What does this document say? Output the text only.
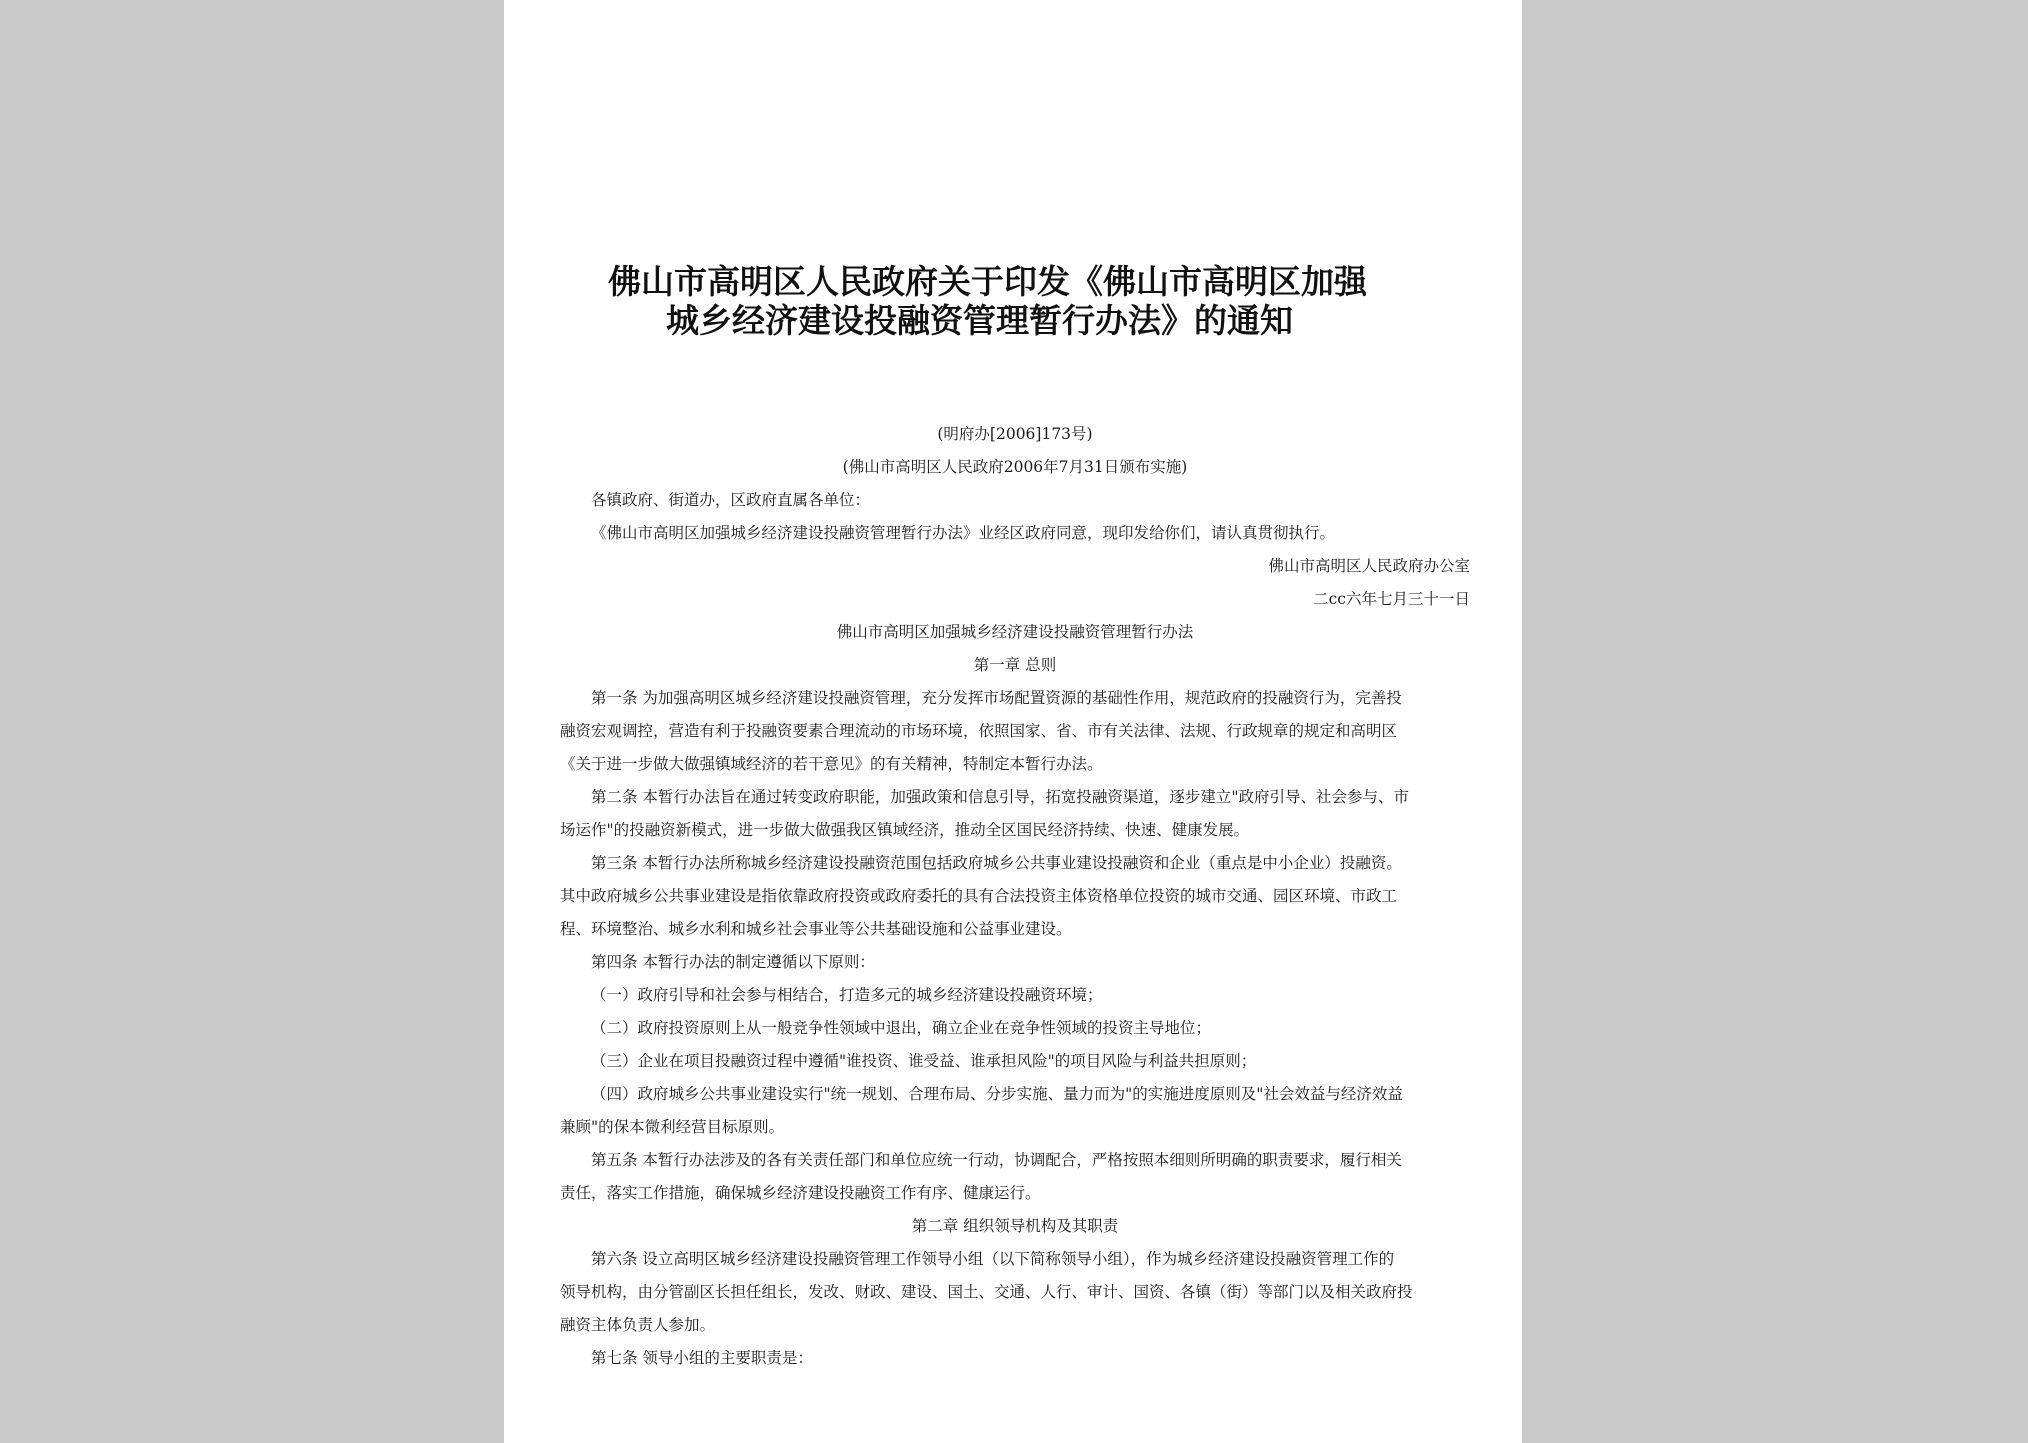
佛山市高明区人民政府关于印发《佛山市高明区加强
城乡经济建设投融资管理暂行办法》的通知
(明府办[2006]173号)
(佛山市高明区人民政府2006年7月31日颁布实施)
各镇政府、街道办，区政府直属各单位：
《佛山市高明区加强城乡经济建设投融资管理暂行办法》业经区政府同意，现印发给你们，请认真贯彻执行。
佛山市高明区人民政府办公室
二cc六年七月三十一日
佛山市高明区加强城乡经济建设投融资管理暂行办法
第一章 总则
第一条 为加强高明区城乡经济建设投融资管理，充分发挥市场配置资源的基础性作用，规范政府的投融资行为，完善投
融资宏观调控，营造有利于投融资要素合理流动的市场环境，依照国家、省、市有关法律、法规、行政规章的规定和高明区
《关于进一步做大做强镇域经济的若干意见》的有关精神，特制定本暂行办法。
第二条 本暂行办法旨在通过转变政府职能，加强政策和信息引导，拓宽投融资渠道，逐步建立"政府引导、社会参与、市
场运作"的投融资新模式，进一步做大做强我区镇域经济，推动全区国民经济持续、快速、健康发展。
第三条 本暂行办法所称城乡经济建设投融资范围包括政府城乡公共事业建设投融资和企业（重点是中小企业）投融资。
其中政府城乡公共事业建设是指依靠政府投资或政府委托的具有合法投资主体资格单位投资的城市交通、园区环境、市政工
程、环境整治、城乡水利和城乡社会事业等公共基础设施和公益事业建设。
第四条 本暂行办法的制定遵循以下原则：
（一）政府引导和社会参与相结合，打造多元的城乡经济建设投融资环境；
（二）政府投资原则上从一般竞争性领域中退出，确立企业在竞争性领域的投资主导地位；
（三）企业在项目投融资过程中遵循"谁投资、谁受益、谁承担风险"的项目风险与利益共担原则；
（四）政府城乡公共事业建设实行"统一规划、合理布局、分步实施、量力而为"的实施进度原则及"社会效益与经济效益
兼顾"的保本微利经营目标原则。
第五条 本暂行办法涉及的各有关责任部门和单位应统一行动，协调配合，严格按照本细则所明确的职责要求，履行相关
责任，落实工作措施，确保城乡经济建设投融资工作有序、健康运行。
第二章 组织领导机构及其职责
第六条 设立高明区城乡经济建设投融资管理工作领导小组（以下简称领导小组），作为城乡经济建设投融资管理工作的
领导机构，由分管副区长担任组长，发改、财政、建设、国土、交通、人行、审计、国资、各镇（街）等部门以及相关政府投
融资主体负责人参加。
第七条 领导小组的主要职责是：
